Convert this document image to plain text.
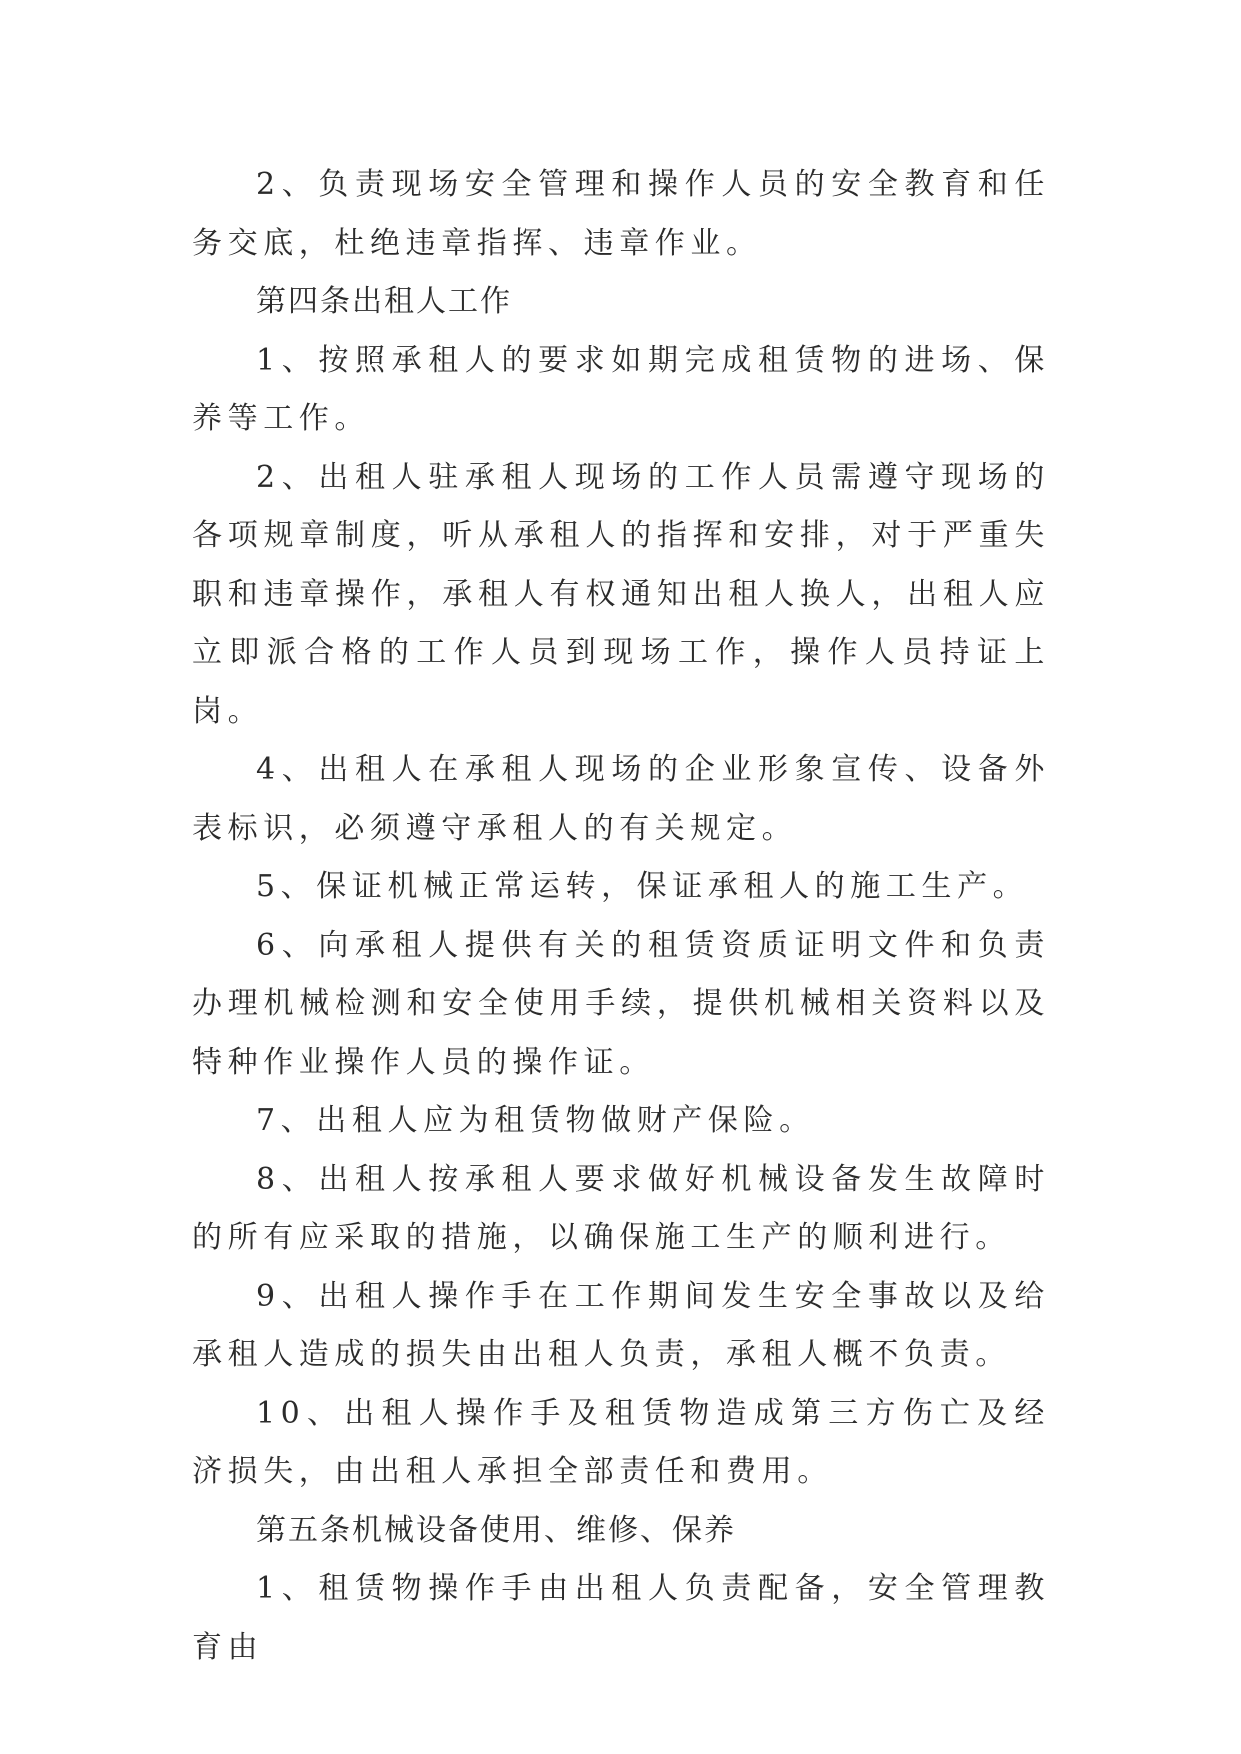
2、负责现场安全管理和操作人员的安全教育和任务交底，杜绝违章指挥、违章作业。

第四条出租人工作

1、按照承租人的要求如期完成租赁物的进场、保养等工作。

2、出租人驻承租人现场的工作人员需遵守现场的各项规章制度，听从承租人的指挥和安排，对于严重失职和违章操作，承租人有权通知出租人换人，出租人应立即派合格的工作人员到现场工作，操作人员持证上岗。

4、出租人在承租人现场的企业形象宣传、设备外表标识，必须遵守承租人的有关规定。

5、保证机械正常运转，保证承租人的施工生产。

6、向承租人提供有关的租赁资质证明文件和负责办理机械检测和安全使用手续，提供机械相关资料以及特种作业操作人员的操作证。

7、出租人应为租赁物做财产保险。

8、出租人按承租人要求做好机械设备发生故障时的所有应采取的措施，以确保施工生产的顺利进行。

9、出租人操作手在工作期间发生安全事故以及给承租人造成的损失由出租人负责，承租人概不负责。

10、出租人操作手及租赁物造成第三方伤亡及经济损失，由出租人承担全部责任和费用。

第五条机械设备使用、维修、保养

1、租赁物操作手由出租人负责配备，安全管理教育由
